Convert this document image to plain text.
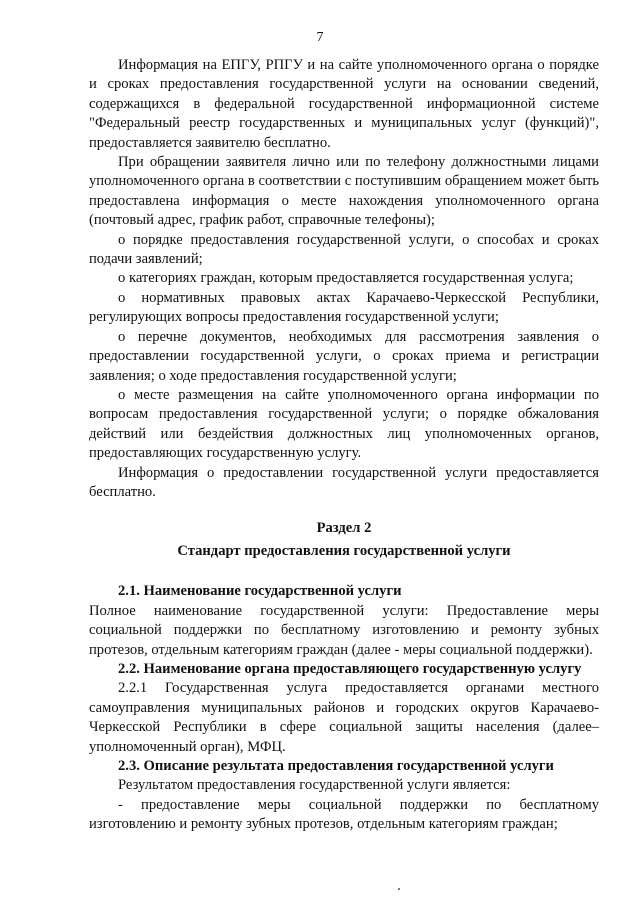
7

Информация на ЕПГУ, РПГУ и на сайте уполномоченного органа о порядке и сроках предоставления государственной услуги на основании сведений, содержащихся в федеральной государственной информационной системе "Федеральный реестр государственных и муниципальных услуг (функций)", предоставляется заявителю бесплатно.

При обращении заявителя лично или по телефону должностными лицами уполномоченного органа в соответствии с поступившим обращением может быть предоставлена информация о месте нахождения уполномоченного органа (почтовый адрес, график работ, справочные телефоны);

о порядке предоставления государственной услуги, о способах и сроках подачи заявлений;

о категориях граждан, которым предоставляется государственная услуга;

о нормативных правовых актах Карачаево-Черкесской Республики, регулирующих вопросы предоставления государственной услуги;

о перечне документов, необходимых для рассмотрения заявления о предоставлении государственной услуги, о сроках приема и регистрации заявления; о ходе предоставления государственной услуги;

о месте размещения на сайте уполномоченного органа информации по вопросам предоставления государственной услуги; о порядке обжалования действий или бездействия должностных лиц уполномоченных органов, предоставляющих государственную услугу.

Информация о предоставлении государственной услуги предоставляется бесплатно.

Раздел 2

Стандарт предоставления государственной услуги

2.1. Наименование государственной услуги

Полное наименование государственной услуги: Предоставление меры социальной поддержки по бесплатному изготовлению и ремонту зубных протезов, отдельным категориям граждан (далее - меры социальной поддержки).

2.2. Наименование органа предоставляющего государственную услугу

2.2.1 Государственная услуга предоставляется органами местного самоуправления муниципальных районов и городских округов Карачаево-Черкесской Республики в сфере социальной защиты населения (далее– уполномоченный орган), МФЦ.

2.3. Описание результата предоставления государственной услуги

Результатом предоставления государственной услуги является:

- предоставление меры социальной поддержки по бесплатному изготовлению и ремонту зубных протезов, отдельным категориям граждан;
